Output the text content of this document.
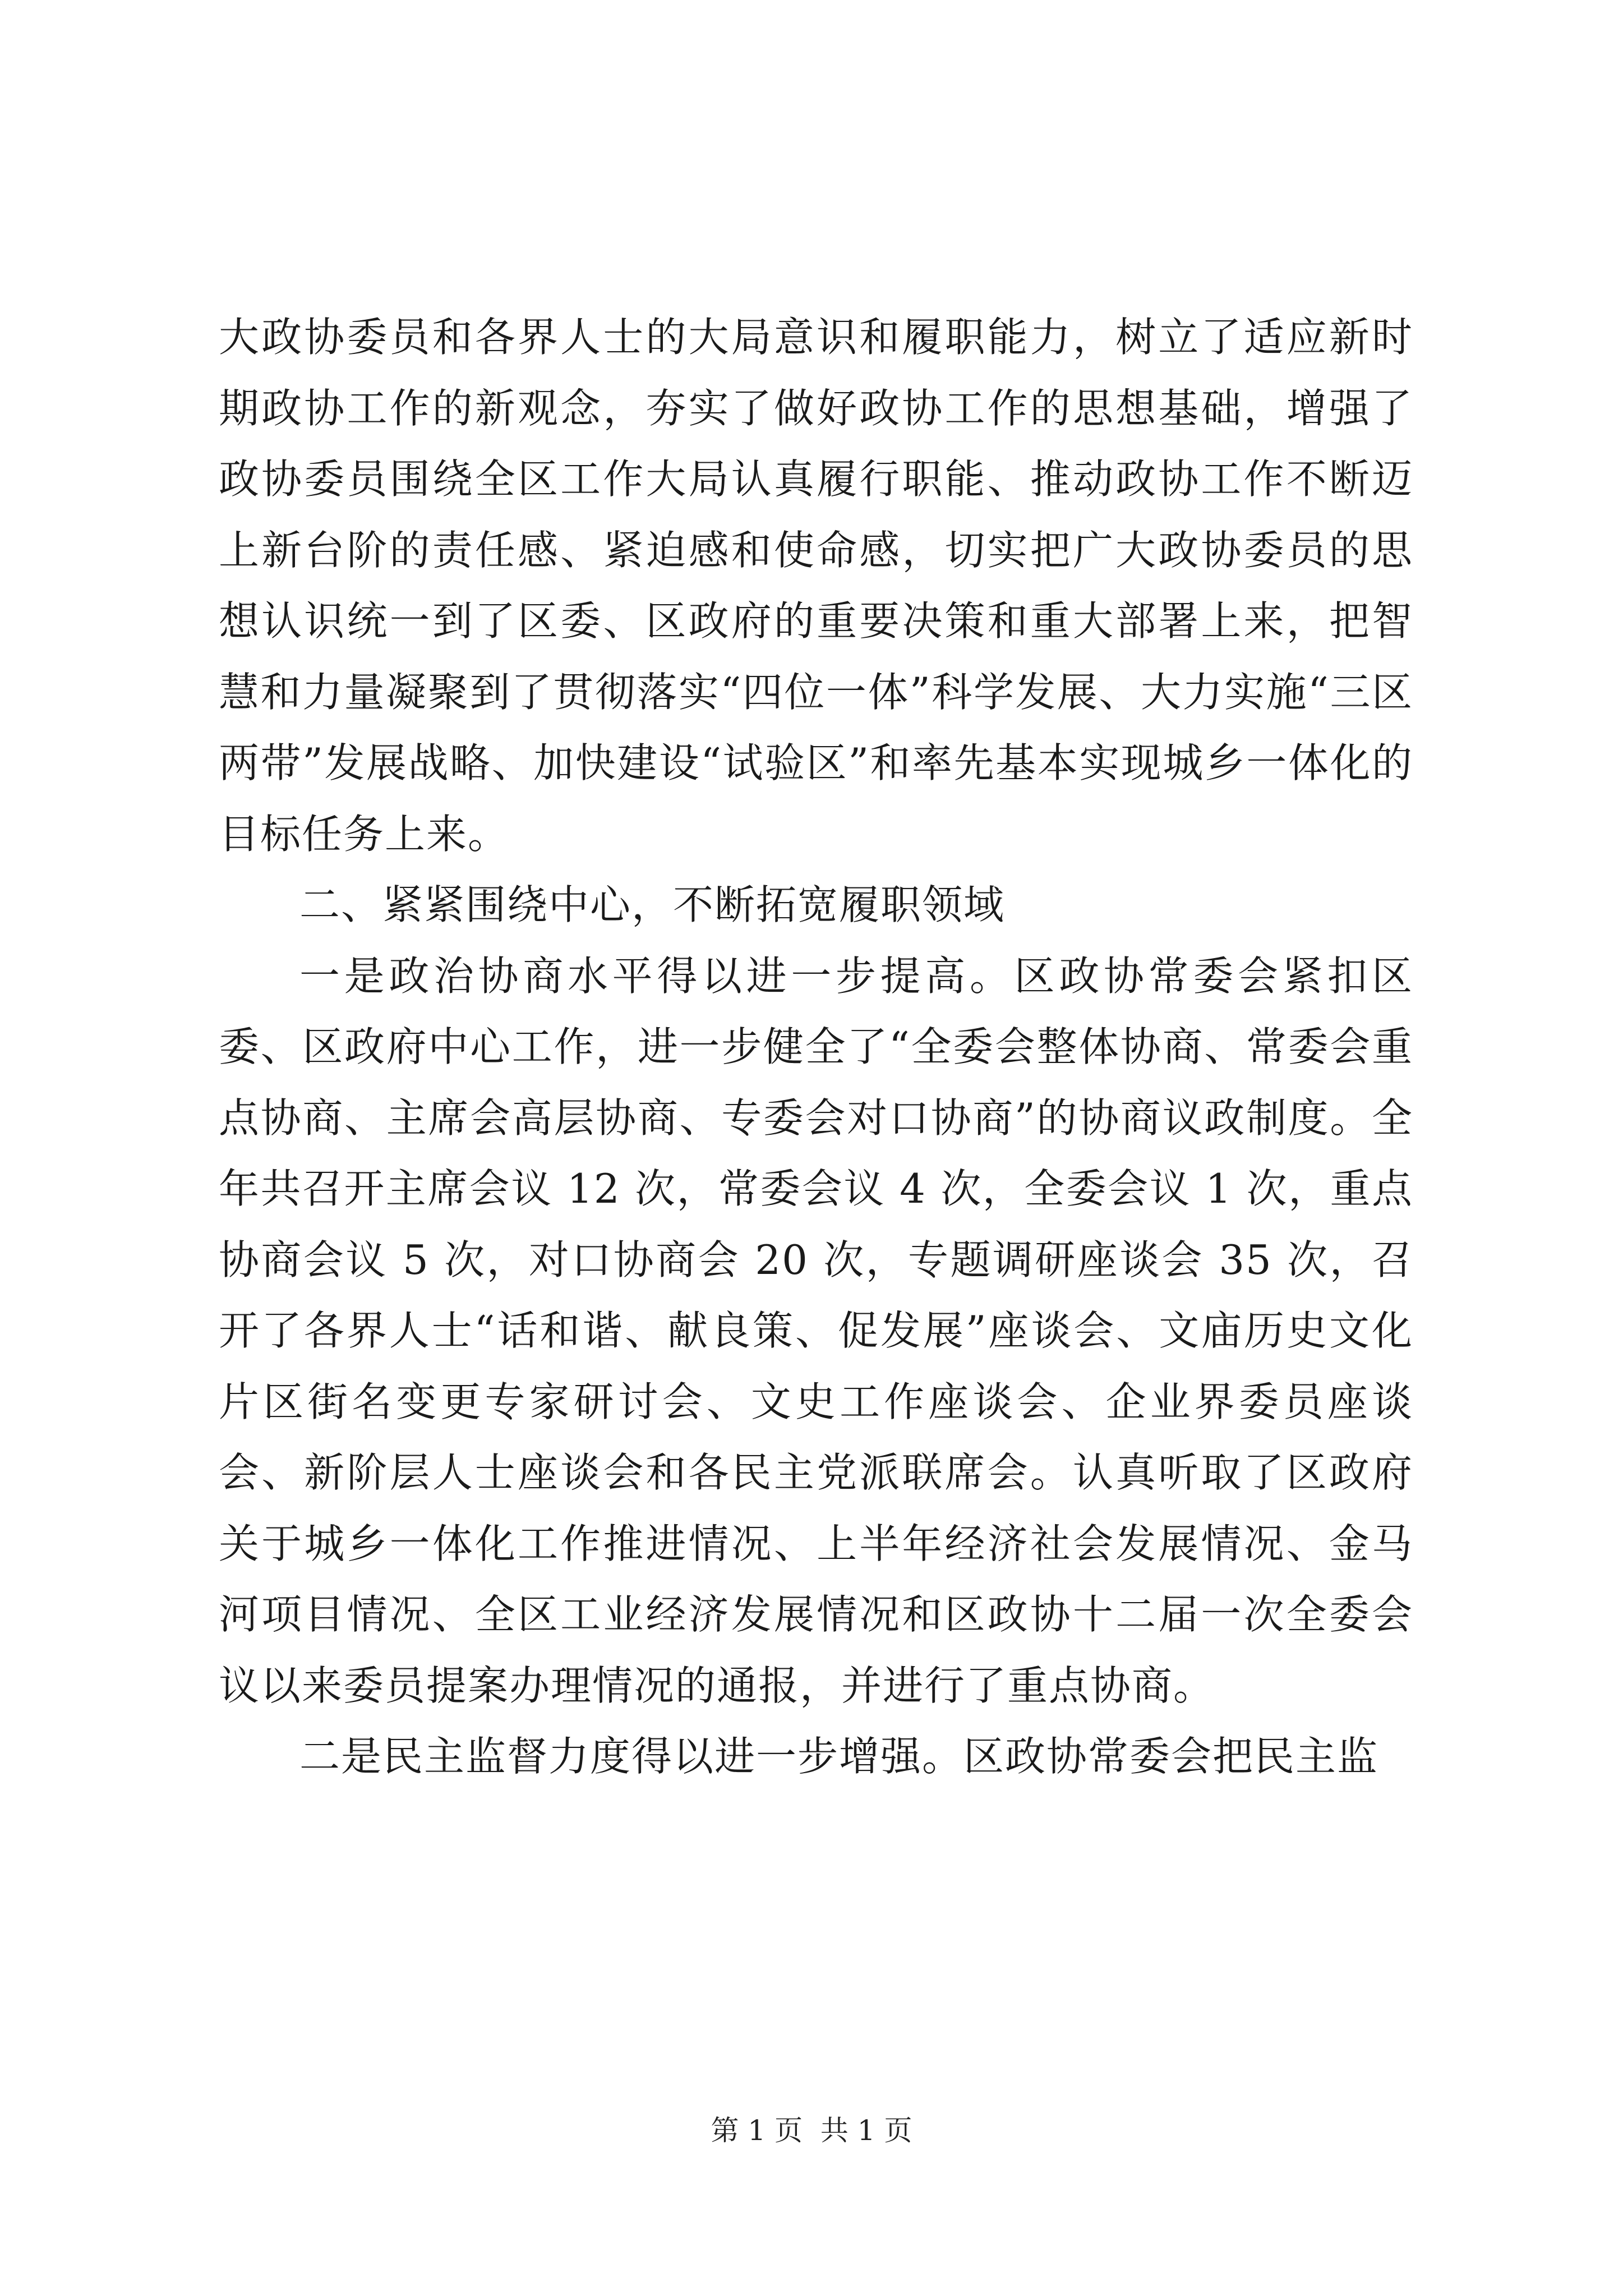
大政协委员和各界人士的大局意识和履职能力，树立了适应新时期政协工作的新观念，夯实了做好政协工作的思想基础，增强了政协委员围绕全区工作大局认真履行职能、推动政协工作不断迈上新台阶的责任感、紧迫感和使命感，切实把广大政协委员的思想认识统一到了区委、区政府的重要决策和重大部署上来，把智慧和力量凝聚到了贯彻落实“四位一体”科学发展、大力实施“三区两带”发展战略、加快建设“试验区”和率先基本实现城乡一体化的目标任务上来。

二、紧紧围绕中心，不断拓宽履职领域

一是政治协商水平得以进一步提高。区政协常委会紧扣区委、区政府中心工作，进一步健全了“全委会整体协商、常委会重点协商、主席会高层协商、专委会对口协商”的协商议政制度。全年共召开主席会议 12 次，常委会议 4 次，全委会议 1 次，重点协商会议 5 次，对口协商会 20 次，专题调研座谈会 35 次，召开了各界人士“话和谐、献良策、促发展”座谈会、文庙历史文化片区街名变更专家研讨会、文史工作座谈会、企业界委员座谈会、新阶层人士座谈会和各民主党派联席会。认真听取了区政府关于城乡一体化工作推进情况、上半年经济社会发展情况、金马河项目情况、全区工业经济发展情况和区政协十二届一次全委会议以来委员提案办理情况的通报，并进行了重点协商。

二是民主监督力度得以进一步增强。区政协常委会把民主监

第 1 页  共 1 页
